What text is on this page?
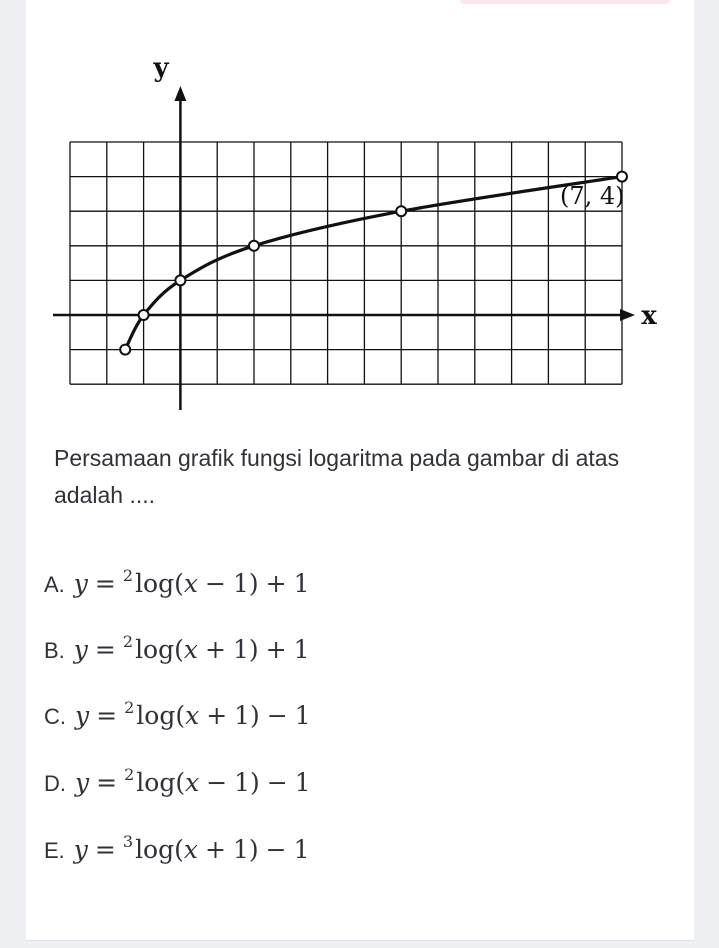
y
x
(7, 4)
Persamaan grafik fungsi logaritma pada gambar di atas adalah ....
A. y = $^2$log(x − 1) + 1
B. y = $^2$log(x + 1) + 1
C. y = $^2$log(x + 1) − 1
D. y = $^2$log(x − 1) − 1
E. y = $^3$log(x + 1) − 1
